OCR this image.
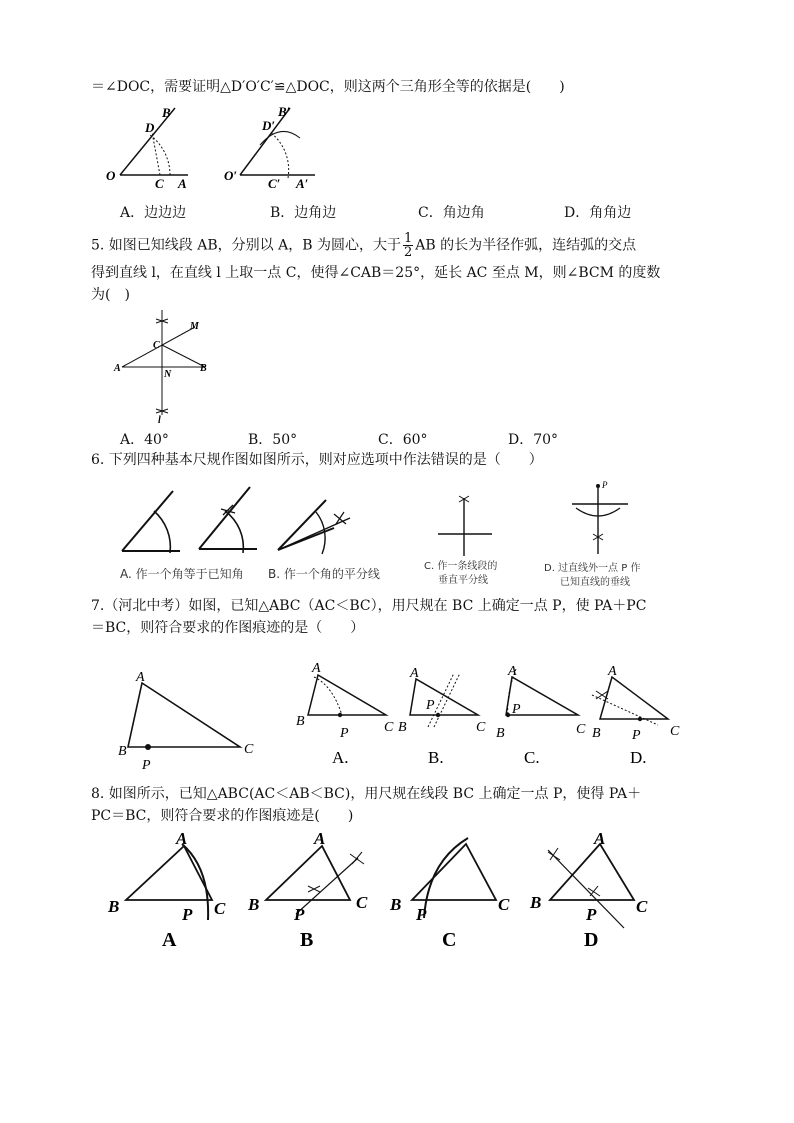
＝∠DOC，需要证明△D′O′C′≌△DOC，则这两个三角形全等的依据是(　　)
O
C A
D
B
O′
C′ A′
D′
B′
A．边边边	B．边角边	C．角边角	D．角角边
5. 如图已知线段 AB，分别以 A，B 为圆心，大于 $\frac{1}{2}$ AB 的长为半径作弧，连结弧的交点
得到直线 l，在直线 l 上取一点 C，使得∠CAB＝25°，延长 AC 至点 M，则∠BCM 的度数
为(　)
M
C
A
N
B
l
A．40°	B．50°	C．60°	D．70°
6. 下列四种基本尺规作图如图所示，则对应选项中作法错误的是（　　）
A. 作一个角等于已知角 B. 作一个角的平分线
C. 作一条线段的
垂直平分线
P
D. 过直线外一点 P 作
已知直线的垂线
7.（河北中考）如图，已知△ABC（AC＜BC），用尺规在 BC 上确定一点 P，使 PA＋PC
＝BC，则符合要求的作图痕迹的是（　　）
A
B	C
P
A
B	C
P
A.
A
B	C
P
B.
A
B	C
P
C.
A
B	C
P
D.
8. 如图所示，已知△ABC(AC＜AB＜BC)，用尺规在线段 BC 上确定一点 P，使得 PA＋
PC＝BC，则符合要求的作图痕迹是(　　)
A
B	C
P
A
A
B	C
P
B
B	C
P
C
A
B	C
P
D
